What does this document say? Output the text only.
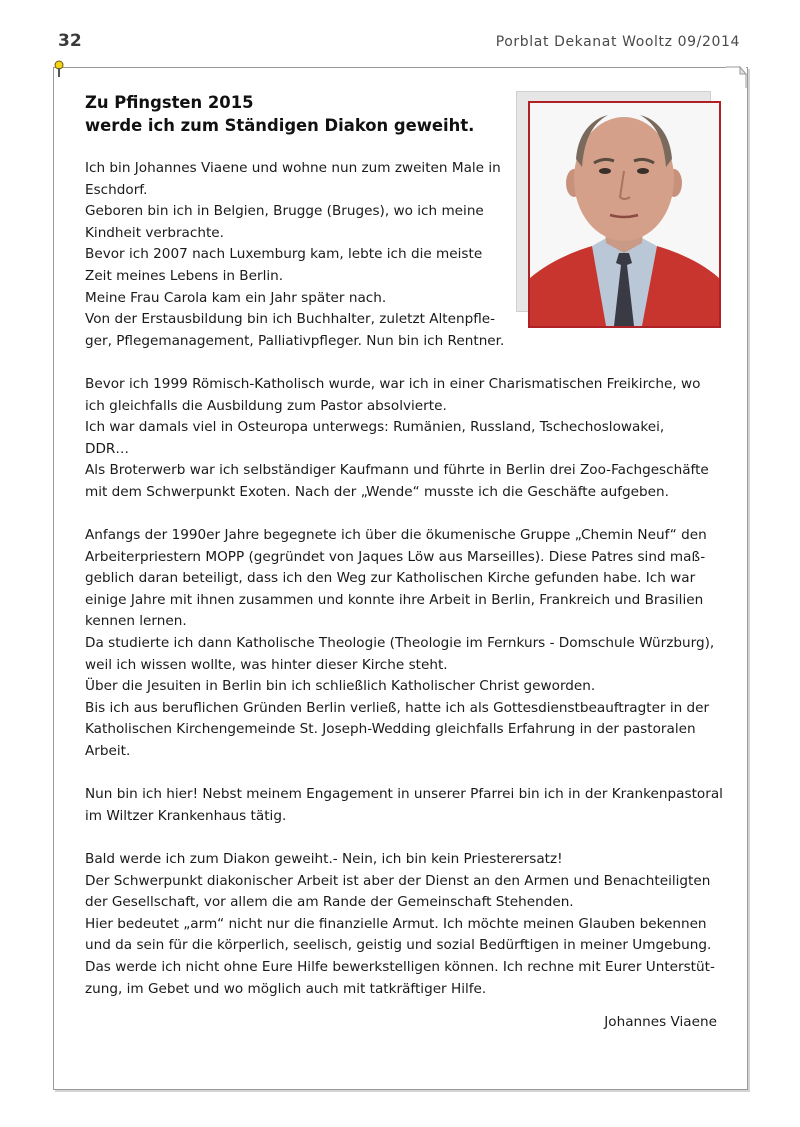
32	Porblat Dekanat Wooltz 09/2014
Zu Pfingsten 2015
werde ich zum Ständigen Diakon geweiht.
Ich bin Johannes Viaene und wohne nun zum zweiten Male in
Eschdorf.
Geboren bin ich in Belgien, Brugge (Bruges), wo ich meine
Kindheit verbrachte.
Bevor ich 2007 nach Luxemburg kam, lebte ich die meiste
Zeit meines Lebens in Berlin.
Meine Frau Carola kam ein Jahr später nach.
Von der Erstausbildung bin ich Buchhalter, zuletzt Altenpfle-
ger, Pflegemanagement, Palliativpfleger. Nun bin ich Rentner.
Bevor ich 1999 Römisch-Katholisch wurde, war ich in einer Charismatischen Freikirche, wo
ich gleichfalls die Ausbildung zum Pastor absolvierte.
Ich war damals viel in Osteuropa unterwegs: Rumänien, Russland, Tschechoslowakei,
DDR…
Als Broterwerb war ich selbständiger Kaufmann und führte in Berlin drei Zoo-Fachgeschäfte
mit dem Schwerpunkt Exoten. Nach der „Wende“ musste ich die Geschäfte aufgeben.
Anfangs der 1990er Jahre begegnete ich über die ökumenische Gruppe „Chemin Neuf“ den
Arbeiterpriestern MOPP (gegründet von Jaques Löw aus Marseilles). Diese Patres sind maß-
geblich daran beteiligt, dass ich den Weg zur Katholischen Kirche gefunden habe. Ich war
einige Jahre mit ihnen zusammen und konnte ihre Arbeit in Berlin, Frankreich und Brasilien
kennen lernen.
Da studierte ich dann Katholische Theologie (Theologie im Fernkurs - Domschule Würzburg),
weil ich wissen wollte, was hinter dieser Kirche steht.
Über die Jesuiten in Berlin bin ich schließlich Katholischer Christ geworden.
Bis ich aus beruflichen Gründen Berlin verließ, hatte ich als Gottesdienstbeauftragter in der
Katholischen Kirchengemeinde St. Joseph-Wedding gleichfalls Erfahrung in der pastoralen
Arbeit.
Nun bin ich hier! Nebst meinem Engagement in unserer Pfarrei bin ich in der Krankenpastoral
im Wiltzer Krankenhaus tätig.
Bald werde ich zum Diakon geweiht.- Nein, ich bin kein Priesterersatz!
Der Schwerpunkt diakonischer Arbeit ist aber der Dienst an den Armen und Benachteiligten
der Gesellschaft, vor allem die am Rande der Gemeinschaft Stehenden.
Hier bedeutet „arm“ nicht nur die finanzielle Armut. Ich möchte meinen Glauben bekennen
und da sein für die körperlich, seelisch, geistig und sozial Bedürftigen in meiner Umgebung.
Das werde ich nicht ohne Eure Hilfe bewerkstelligen können. Ich rechne mit Eurer Unterstüt-
zung, im Gebet und wo möglich auch mit tatkräftiger Hilfe.
Johannes Viaene
